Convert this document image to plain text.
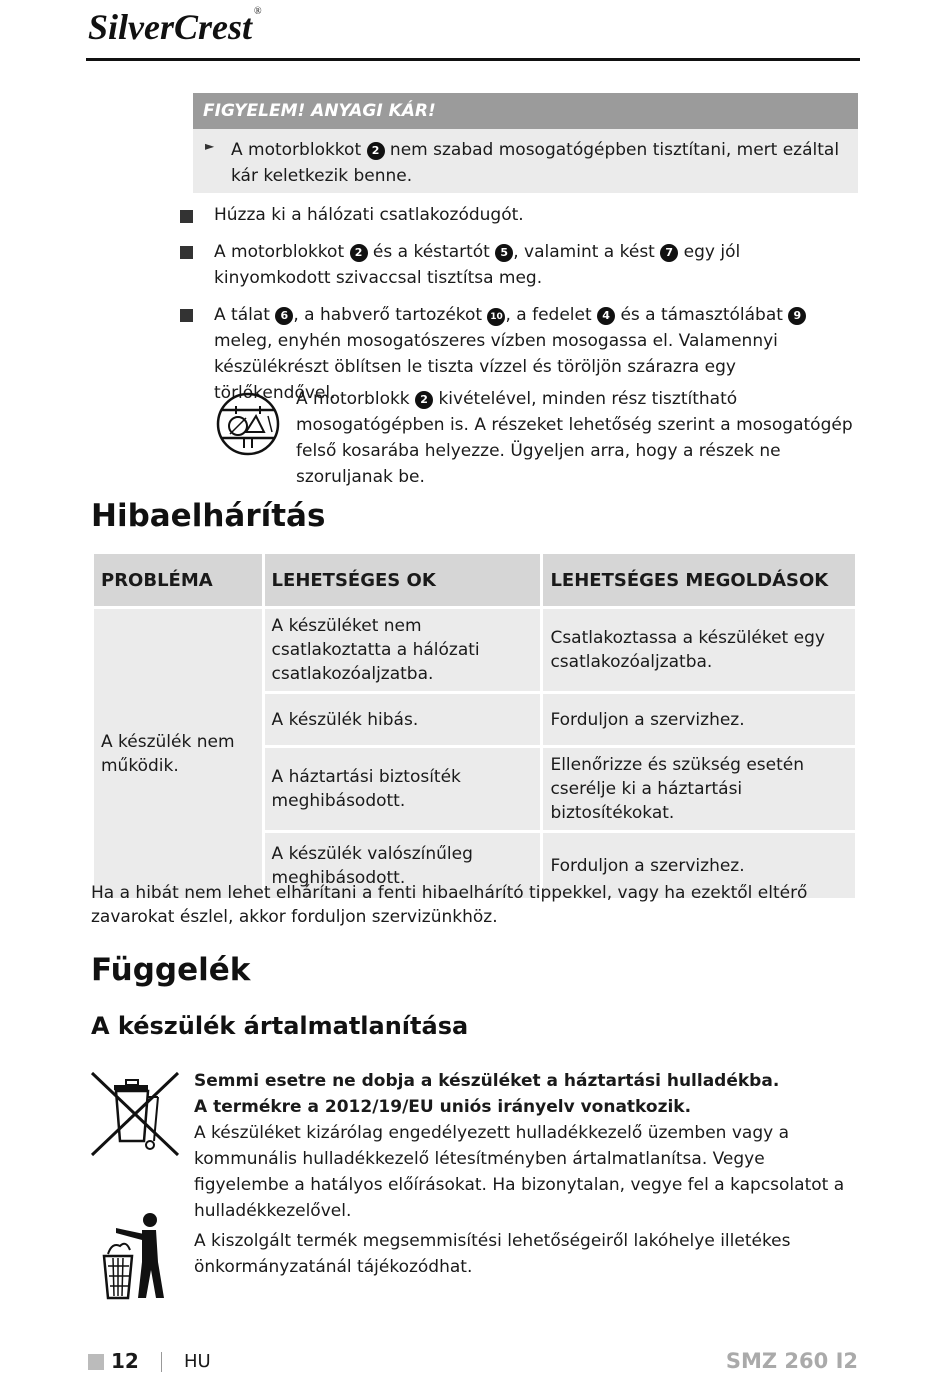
SilverCrest ®
FIGYELEM! ANYAGI KÁR!
► A motorblokkot 2 nem szabad mosogatógépben tisztítani, mert ezáltal kár keletkezik benne.
Húzza ki a hálózati csatlakozódugót.
A motorblokkot 2 és a késtartót 5 , valamint a kést 7 egy jól kinyomkodott szivaccsal tisztítsa meg.
A tálat 6 , a habverő tartozékot 10 , a fedelet 4 és a támasztólábat 9 meleg, enyhén mosogatószeres vízben mosogassa el. Valamennyi készülékrészt öblítsen le tiszta vízzel és töröljön szárazra egy törlőkendővel.
A motorblokk 2 kivételével, minden rész tisztítható mosogatógépben is. A részeket lehetőség szerint a mosogatógép felső kosarába helyezze. Ügyeljen arra, hogy a részek ne szoruljanak be.
Hibaelhárítás
PROBLÉMA	LEHETSÉGES OK	LEHETSÉGES MEGOLDÁSOK
A készülék nem működik.	A készüléket nem csatlakoztatta a hálózati csatlakozóaljzatba.	Csatlakoztassa a készüléket egy csatlakozóaljzatba.
	A készülék hibás.	Forduljon a szervizhez.
	A háztartási biztosíték meghibásodott.	Ellenőrizze és szükség esetén cserélje ki a háztartási biztosítékokat.
	A készülék valószínűleg meghibásodott.	Forduljon a szervizhez.
Ha a hibát nem lehet elhárítani a fenti hibaelhárító tippekkel, vagy ha ezektől eltérő zavarokat észlel, akkor forduljon szervizünkhöz.
Függelék
A készülék ártalmatlanítása
Semmi esetre ne dobja a készüléket a háztartási hulladékba.
A termékre a 2012/19/EU uniós irányelv vonatkozik.
A készüléket kizárólag engedélyezett hulladékkezelő üzemben vagy a kommunális hulladékkezelő létesítményben ártalmatlanítsa. Vegye figyelembe a hatályos előírásokat. Ha bizonytalan, vegye fel a kapcsolatot a hulladékkezelővel.
A kiszolgált termék megsemmisítési lehetőségeiről lakóhelye illetékes önkormányzatánál tájékozódhat.
12	HU	SMZ 260 I2
